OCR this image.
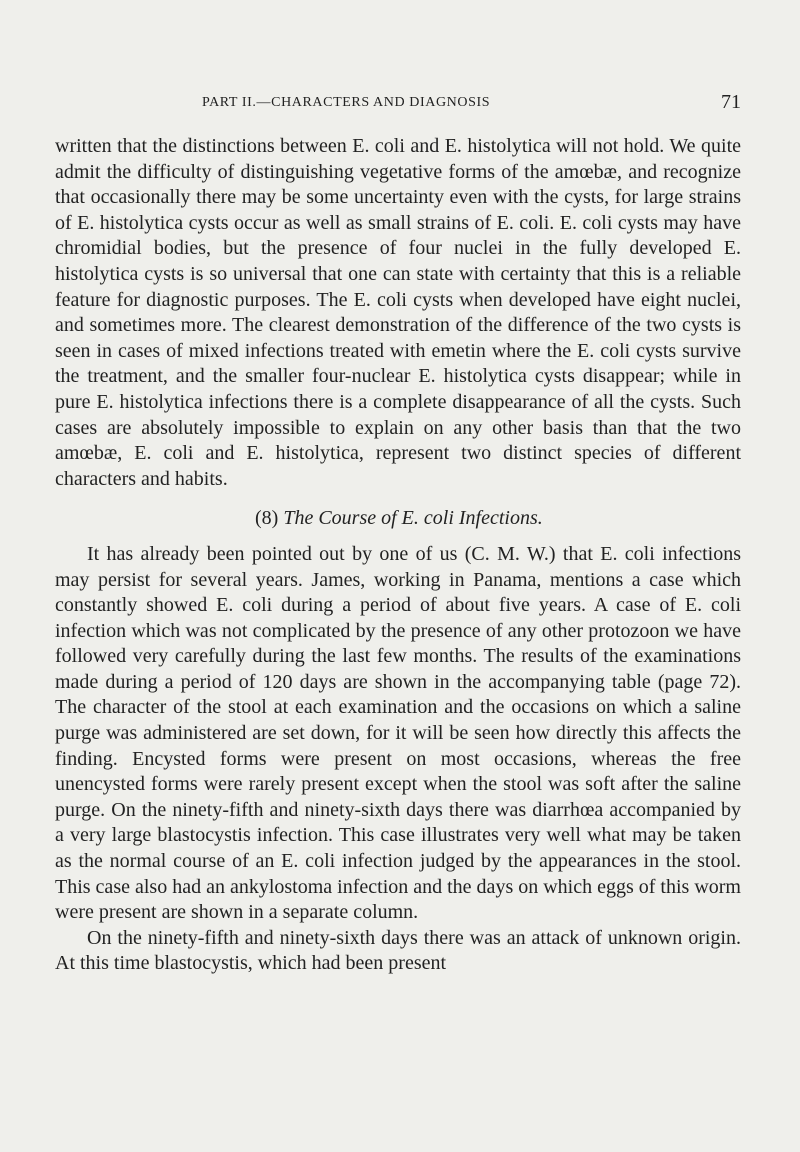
PART II.—CHARACTERS AND DIAGNOSIS	71

written that the distinctions between E. coli and E. histolytica will not hold. We quite admit the difficulty of distinguishing vegetative forms of the amœbæ, and recognize that occasionally there may be some uncertainty even with the cysts, for large strains of E. histolytica cysts occur as well as small strains of E. coli. E. coli cysts may have chromidial bodies, but the presence of four nuclei in the fully developed E. histolytica cysts is so universal that one can state with certainty that this is a reliable feature for diagnostic purposes. The E. coli cysts when developed have eight nuclei, and sometimes more. The clearest demonstration of the difference of the two cysts is seen in cases of mixed infections treated with emetin where the E. coli cysts survive the treatment, and the smaller four-nuclear E. histolytica cysts disappear; while in pure E. histolytica infections there is a complete disappearance of all the cysts. Such cases are absolutely impossible to explain on any other basis than that the two amœbæ, E. coli and E. histolytica, represent two distinct species of different characters and habits.

(8) The Course of E. coli Infections.

It has already been pointed out by one of us (C. M. W.) that E. coli infections may persist for several years. James, working in Panama, mentions a case which constantly showed E. coli during a period of about five years. A case of E. coli infection which was not complicated by the presence of any other protozoon we have followed very carefully during the last few months. The results of the examinations made during a period of 120 days are shown in the accompanying table (page 72). The character of the stool at each examination and the occasions on which a saline purge was administered are set down, for it will be seen how directly this affects the finding. Encysted forms were present on most occasions, whereas the free unencysted forms were rarely present except when the stool was soft after the saline purge. On the ninety-fifth and ninety-sixth days there was diarrhœa accompanied by a very large blastocystis infection. This case illustrates very well what may be taken as the normal course of an E. coli infection judged by the appearances in the stool. This case also had an ankylostoma infection and the days on which eggs of this worm were present are shown in a separate column.

On the ninety-fifth and ninety-sixth days there was an attack of unknown origin. At this time blastocystis, which had been present
